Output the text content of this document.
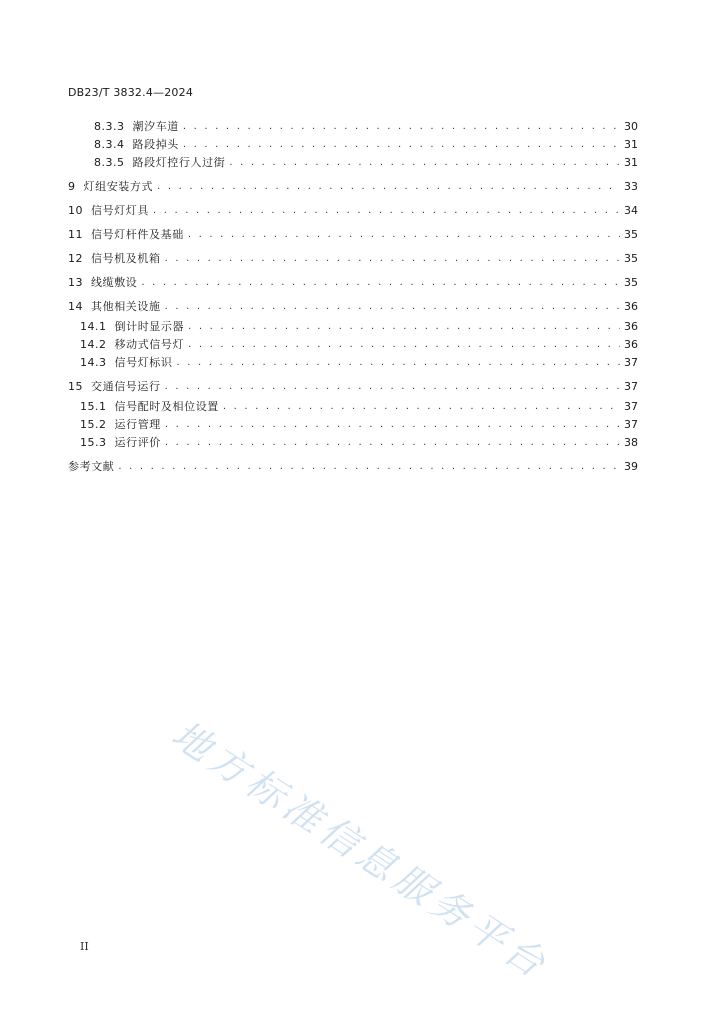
DB23/T 3832.4—2024
8.3.3 潮汐车道 . . .	30
8.3.4 路段掉头 . . .	31
8.3.5 路段灯控行人过街 . . .	31
9 灯组安装方式 . . .	33
10 信号灯灯具 . . .	34
11 信号灯杆件及基础 . . .	35
12 信号机及机箱 . . .	35
13 线缆敷设 . . .	35
14 其他相关设施 . . .	36
14.1 倒计时显示器 . . .	36
14.2 移动式信号灯 . . .	36
14.3 信号灯标识 . . .	37
15 交通信号运行 . . .	37
15.1 信号配时及相位设置 . . .	37
15.2 运行管理 . . .	37
15.3 运行评价 . . .	38
参考文献 . . .	39
地方标准信息服务平台
II
